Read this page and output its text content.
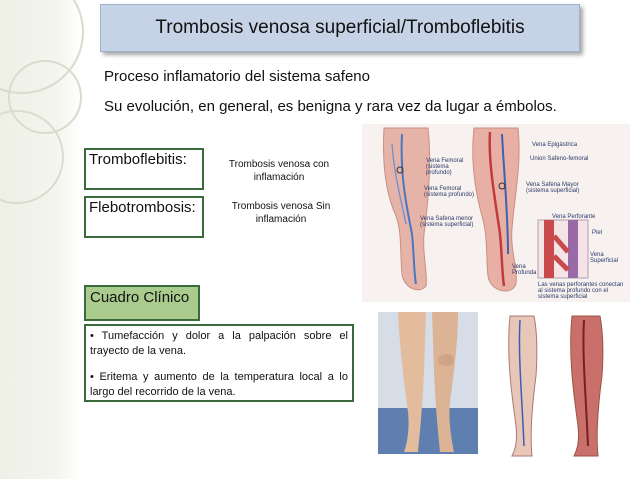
Trombosis venosa superficial/Tromboflebitis
Proceso inflamatorio del sistema safeno
Su evolución, en general, es benigna y rara vez da lugar a émbolos.
Tromboflebitis:	Trombosis venosa con inflamación
Flebotrombosis:	Trombosis venosa Sin inflamación
Cuadro Clínico
• Tumefacción y dolor a la palpación sobre el trayecto de la vena.
• Eritema y aumento de la temperatura local a lo largo del recorrido de la vena.
Vena Epigástrica
Union Safeno-femoral
Vena Femoral (sistema profundo)
Vena Femoral (sistema profundo)
Vena Safena Mayor (sistema superficial)
Vena Safena menor (sistema superficial)
Vena Perforante
Piel
Vena Profunda
Vena Superficial
Las venas perforantes conectan al sistema profundo con el sistema superficial
